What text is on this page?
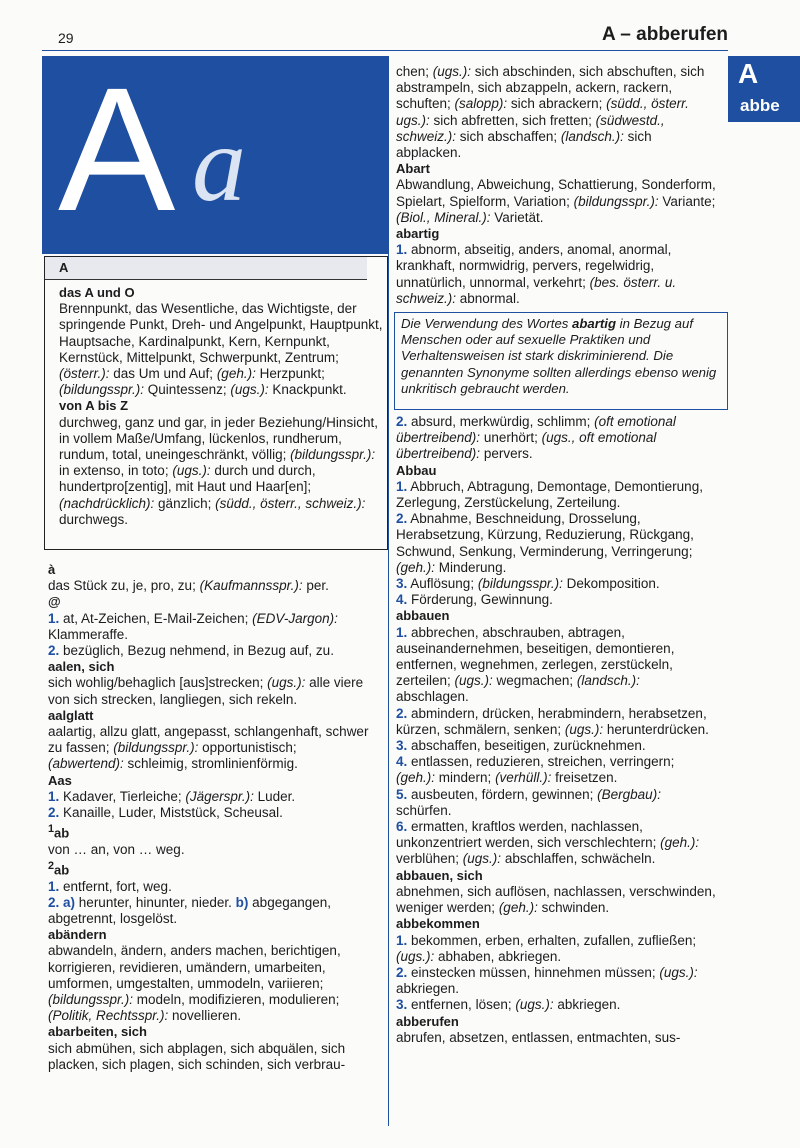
29	A – abberufen
A
abbe
A a
A
das A und O
Brennpunkt, das Wesentliche, das Wichtigste, der springende Punkt, Dreh- und Angelpunkt, Hauptpunkt, Hauptsache, Kardinalpunkt, Kern, Kernpunkt, Kernstück, Mittelpunkt, Schwerpunkt, Zentrum; (österr.): das Um und Auf; (geh.): Herzpunkt; (bildungsspr.): Quintessenz; (ugs.): Knackpunkt.
von A bis Z
durchweg, ganz und gar, in jeder Beziehung/Hinsicht, in vollem Maße/Umfang, lückenlos, rundherum, rundum, total, uneingeschränkt, völlig; (bildungsspr.): in extenso, in toto; (ugs.): durch und durch, hundertpro[zentig], mit Haut und Haar[en]; (nachdrücklich): gänzlich; (südd., österr., schweiz.): durchwegs.
à
das Stück zu, je, pro, zu; (Kaufmannsspr.): per.
@
1. at, At-Zeichen, E-Mail-Zeichen; (EDV-Jargon): Klammeraffe.
2. bezüglich, Bezug nehmend, in Bezug auf, zu.
aalen, sich
sich wohlig/behaglich [aus]strecken; (ugs.): alle viere von sich strecken, langliegen, sich rekeln.
aalglatt
aalartig, allzu glatt, angepasst, schlangenhaft, schwer zu fassen; (bildungsspr.): opportunistisch; (abwertend): schleimig, stromlinienförmig.
Aas
1. Kadaver, Tierleiche; (Jägerspr.): Luder.
2. Kanaille, Luder, Miststück, Scheusal.
$^1$ab
von … an, von … weg.
$^2$ab
1. entfernt, fort, weg.
2. a) herunter, hinunter, nieder. b) abgegangen, abgetrennt, losgelöst.
abändern
abwandeln, ändern, anders machen, berichtigen, korrigieren, revidieren, umändern, umarbeiten, umformen, umgestalten, ummodeln, variieren; (bildungsspr.): modeln, modifizieren, modulieren; (Politik, Rechtsspr.): novellieren.
abarbeiten, sich
sich abmühen, sich abplagen, sich abquälen, sich placken, sich plagen, sich schinden, sich verbrau-
chen; (ugs.): sich abschinden, sich abschuften, sich abstrampeln, sich abzappeln, ackern, rackern, schuften; (salopp): sich abrackern; (südd., österr. ugs.): sich abfretten, sich fretten; (südwestd., schweiz.): sich abschaffen; (landsch.): sich abplacken.
Abart
Abwandlung, Abweichung, Schattierung, Sonderform, Spielart, Spielform, Variation; (bildungsspr.): Variante; (Biol., Mineral.): Varietät.
abartig
1. abnorm, abseitig, anders, anomal, anormal, krankhaft, normwidrig, pervers, regelwidrig, unnatürlich, unnormal, verkehrt; (bes. österr. u. schweiz.): abnormal.
Die Verwendung des Wortes abartig in Bezug auf Menschen oder auf sexuelle Praktiken und Verhaltensweisen ist stark diskriminierend. Die genannten Synonyme sollten allerdings ebenso wenig unkritisch gebraucht werden.
2. absurd, merkwürdig, schlimm; (oft emotional übertreibend): unerhört; (ugs., oft emotional übertreibend): pervers.
Abbau
1. Abbruch, Abtragung, Demontage, Demontierung, Zerlegung, Zerstückelung, Zerteilung.
2. Abnahme, Beschneidung, Drosselung, Herabsetzung, Kürzung, Reduzierung, Rückgang, Schwund, Senkung, Verminderung, Verringerung; (geh.): Minderung.
3. Auflösung; (bildungsspr.): Dekomposition.
4. Förderung, Gewinnung.
abbauen
1. abbrechen, abschrauben, abtragen, auseinandernehmen, beseitigen, demontieren, entfernen, wegnehmen, zerlegen, zerstückeln, zerteilen; (ugs.): wegmachen; (landsch.): abschlagen.
2. abmindern, drücken, herabmindern, herabsetzen, kürzen, schmälern, senken; (ugs.): herunterdrücken.
3. abschaffen, beseitigen, zurücknehmen.
4. entlassen, reduzieren, streichen, verringern; (geh.): mindern; (verhüll.): freisetzen.
5. ausbeuten, fördern, gewinnen; (Bergbau): schürfen.
6. ermatten, kraftlos werden, nachlassen, unkonzentriert werden, sich verschlechtern; (geh.): verblühen; (ugs.): abschlaffen, schwächeln.
abbauen, sich
abnehmen, sich auflösen, nachlassen, verschwinden, weniger werden; (geh.): schwinden.
abbekommen
1. bekommen, erben, erhalten, zufallen, zufließen; (ugs.): abhaben, abkriegen.
2. einstecken müssen, hinnehmen müssen; (ugs.): abkriegen.
3. entfernen, lösen; (ugs.): abkriegen.
abberufen
abrufen, absetzen, entlassen, entmachten, sus-
